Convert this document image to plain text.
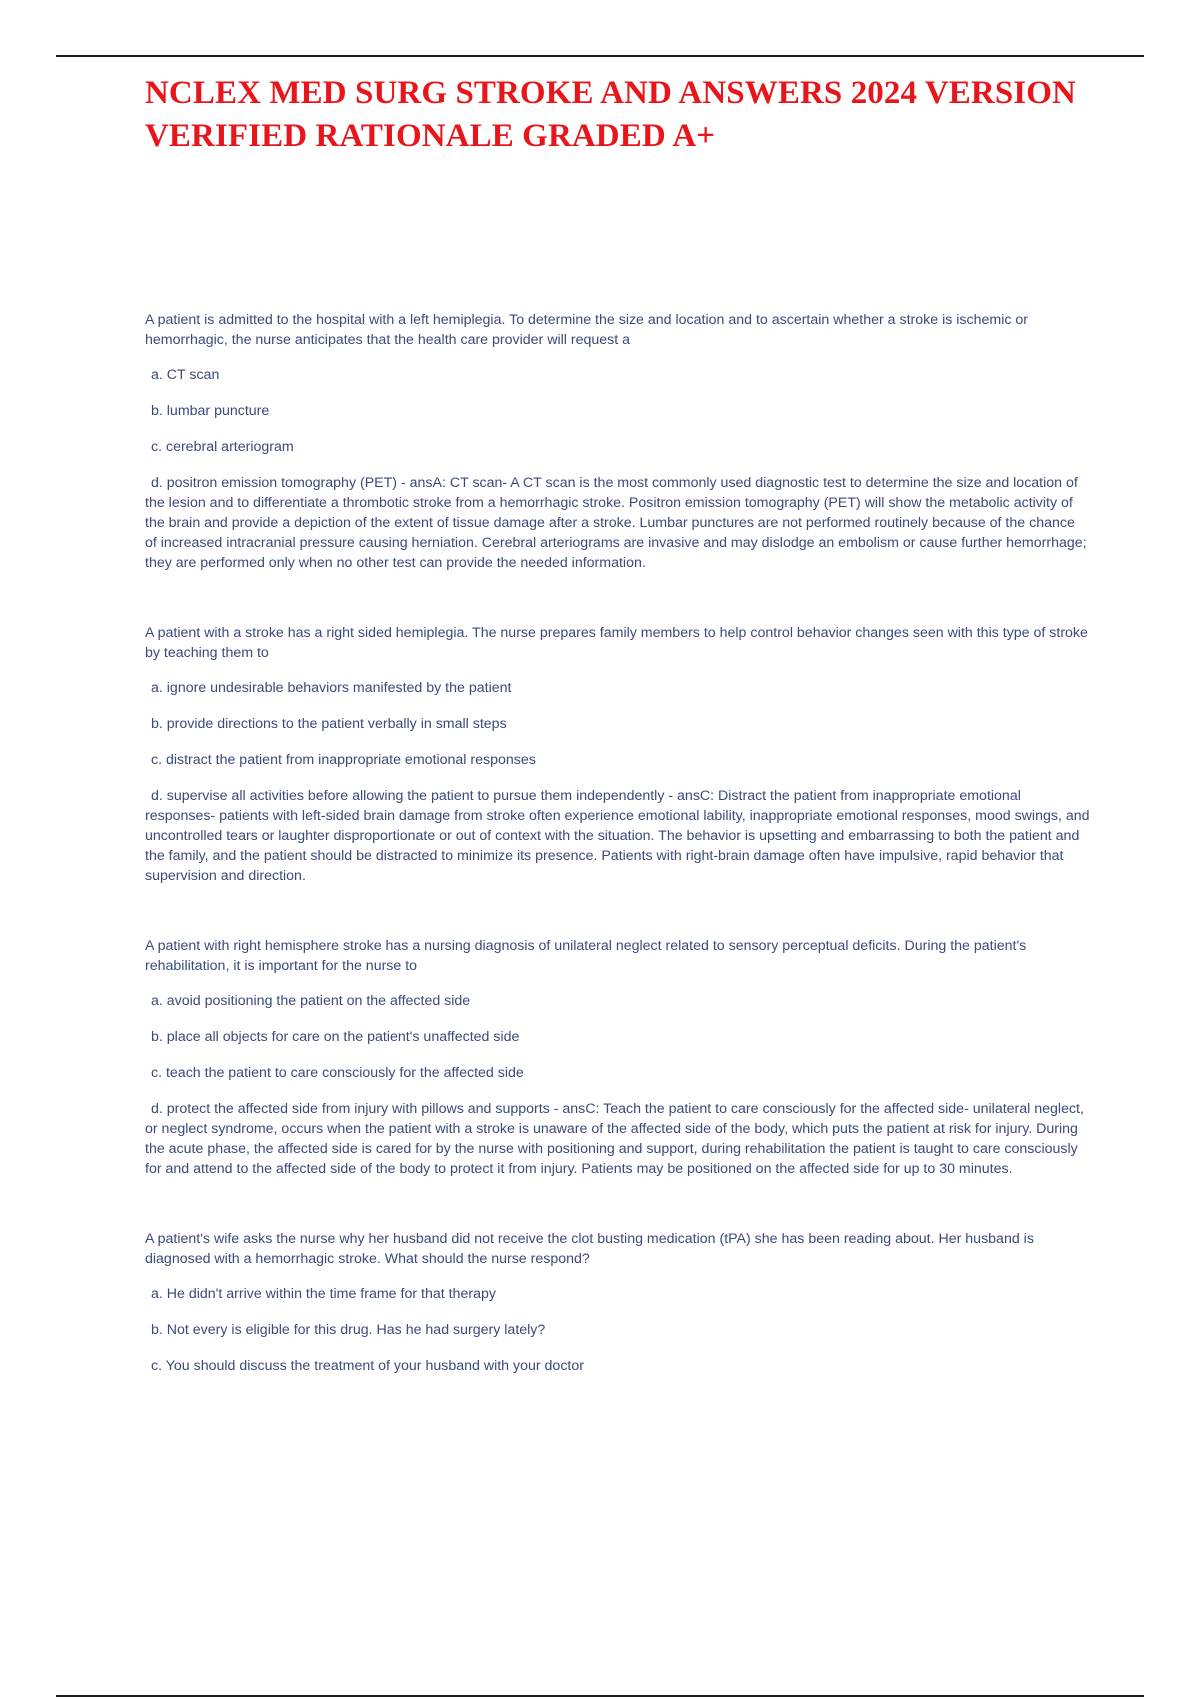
NCLEX MED SURG STROKE AND ANSWERS 2024 VERSION VERIFIED RATIONALE GRADED A+

A patient is admitted to the hospital with a left hemiplegia. To determine the size and location and to ascertain whether a stroke is ischemic or hemorrhagic, the nurse anticipates that the health care provider will request a

a. CT scan

b. lumbar puncture

c. cerebral arteriogram

d. positron emission tomography (PET) - ansA: CT scan- A CT scan is the most commonly used diagnostic test to determine the size and location of the lesion and to differentiate a thrombotic stroke from a hemorrhagic stroke. Positron emission tomography (PET) will show the metabolic activity of the brain and provide a depiction of the extent of tissue damage after a stroke. Lumbar punctures are not performed routinely because of the chance of increased intracranial pressure causing herniation. Cerebral arteriograms are invasive and may dislodge an embolism or cause further hemorrhage; they are performed only when no other test can provide the needed information.

A patient with a stroke has a right sided hemiplegia. The nurse prepares family members to help control behavior changes seen with this type of stroke by teaching them to

a. ignore undesirable behaviors manifested by the patient

b. provide directions to the patient verbally in small steps

c. distract the patient from inappropriate emotional responses

d. supervise all activities before allowing the patient to pursue them independently - ansC: Distract the patient from inappropriate emotional responses- patients with left-sided brain damage from stroke often experience emotional lability, inappropriate emotional responses, mood swings, and uncontrolled tears or laughter disproportionate or out of context with the situation. The behavior is upsetting and embarrassing to both the patient and the family, and the patient should be distracted to minimize its presence. Patients with right-brain damage often have impulsive, rapid behavior that supervision and direction.

A patient with right hemisphere stroke has a nursing diagnosis of unilateral neglect related to sensory perceptual deficits. During the patient's rehabilitation, it is important for the nurse to

a. avoid positioning the patient on the affected side

b. place all objects for care on the patient's unaffected side

c. teach the patient to care consciously for the affected side

d. protect the affected side from injury with pillows and supports - ansC: Teach the patient to care consciously for the affected side- unilateral neglect, or neglect syndrome, occurs when the patient with a stroke is unaware of the affected side of the body, which puts the patient at risk for injury. During the acute phase, the affected side is cared for by the nurse with positioning and support, during rehabilitation the patient is taught to care consciously for and attend to the affected side of the body to protect it from injury. Patients may be positioned on the affected side for up to 30 minutes.

A patient's wife asks the nurse why her husband did not receive the clot busting medication (tPA) she has been reading about. Her husband is diagnosed with a hemorrhagic stroke. What should the nurse respond?

a. He didn't arrive within the time frame for that therapy

b. Not every is eligible for this drug. Has he had surgery lately?

c. You should discuss the treatment of your husband with your doctor
